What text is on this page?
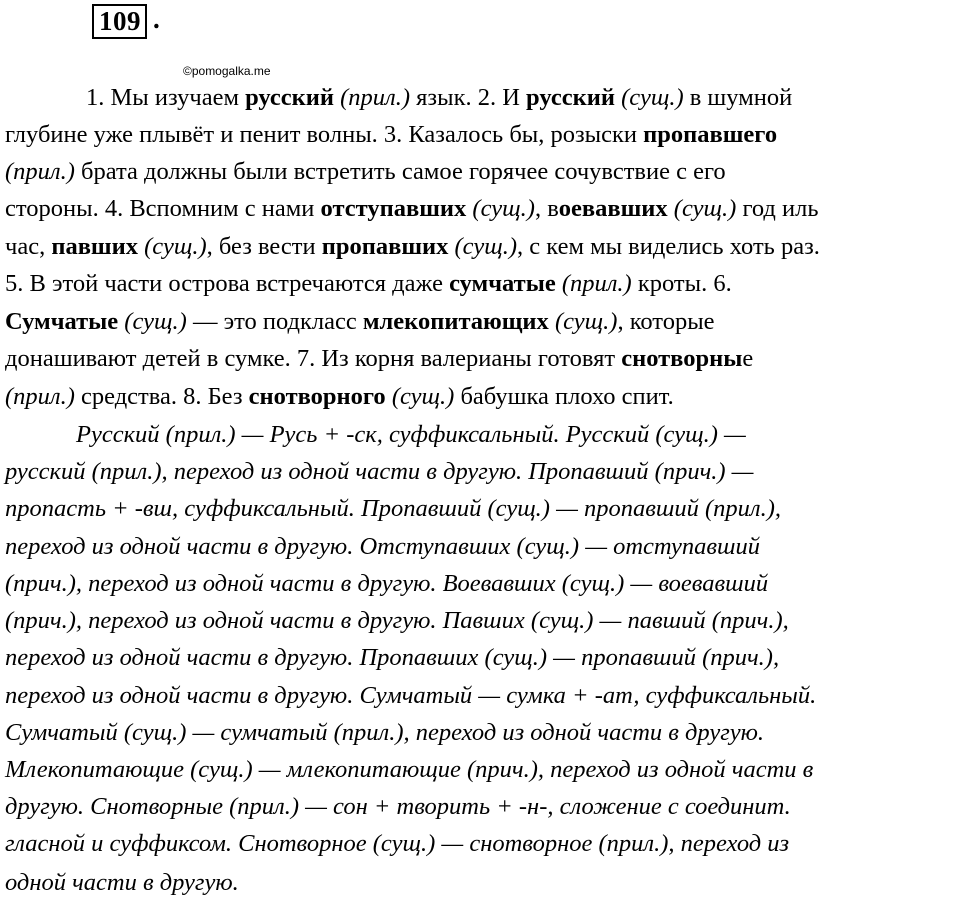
109 .
©pomogalka.me
1. Мы изучаем русский (прил.) язык. 2. И русский (сущ.) в шумной
глубине уже плывёт и пенит волны. 3. Казалось бы, розыски пропавшего
(прил.) брата должны были встретить самое горячее сочувствие с его
стороны. 4. Вспомним с нами отступавших (сущ.), воевавших (сущ.) год иль
час, павших (сущ.), без вести пропавших (сущ.), с кем мы виделись хоть раз.
5. В этой части острова встречаются даже сумчатые (прил.) кроты. 6.
Сумчатые (сущ.) — это подкласс млекопитающих (сущ.), которые
донашивают детей в сумке. 7. Из корня валерианы готовят снотворные
(прил.) средства. 8. Без снотворного (сущ.) бабушка плохо спит.
Русский (прил.) — Русь + -ск, суффиксальный. Русский (сущ.) —
русский (прил.), переход из одной части в другую. Пропавший (прич.) —
пропасть + -вш, суффиксальный. Пропавший (сущ.) — пропавший (прил.),
переход из одной части в другую. Отступавших (сущ.) — отступавший
(прич.), переход из одной части в другую. Воевавших (сущ.) — воевавший
(прич.), переход из одной части в другую. Павших (сущ.) — павший (прич.),
переход из одной части в другую. Пропавших (сущ.) — пропавший (прич.),
переход из одной части в другую. Сумчатый — сумка + -ат, суффиксальный.
Сумчатый (сущ.) — сумчатый (прил.), переход из одной части в другую.
Млекопитающие (сущ.) — млекопитающие (прич.), переход из одной части в
другую. Снотворные (прил.) — сон + творить + -н-, сложение с соединит.
гласной и суффиксом. Снотворное (сущ.) — снотворное (прил.), переход из
одной части в другую.
